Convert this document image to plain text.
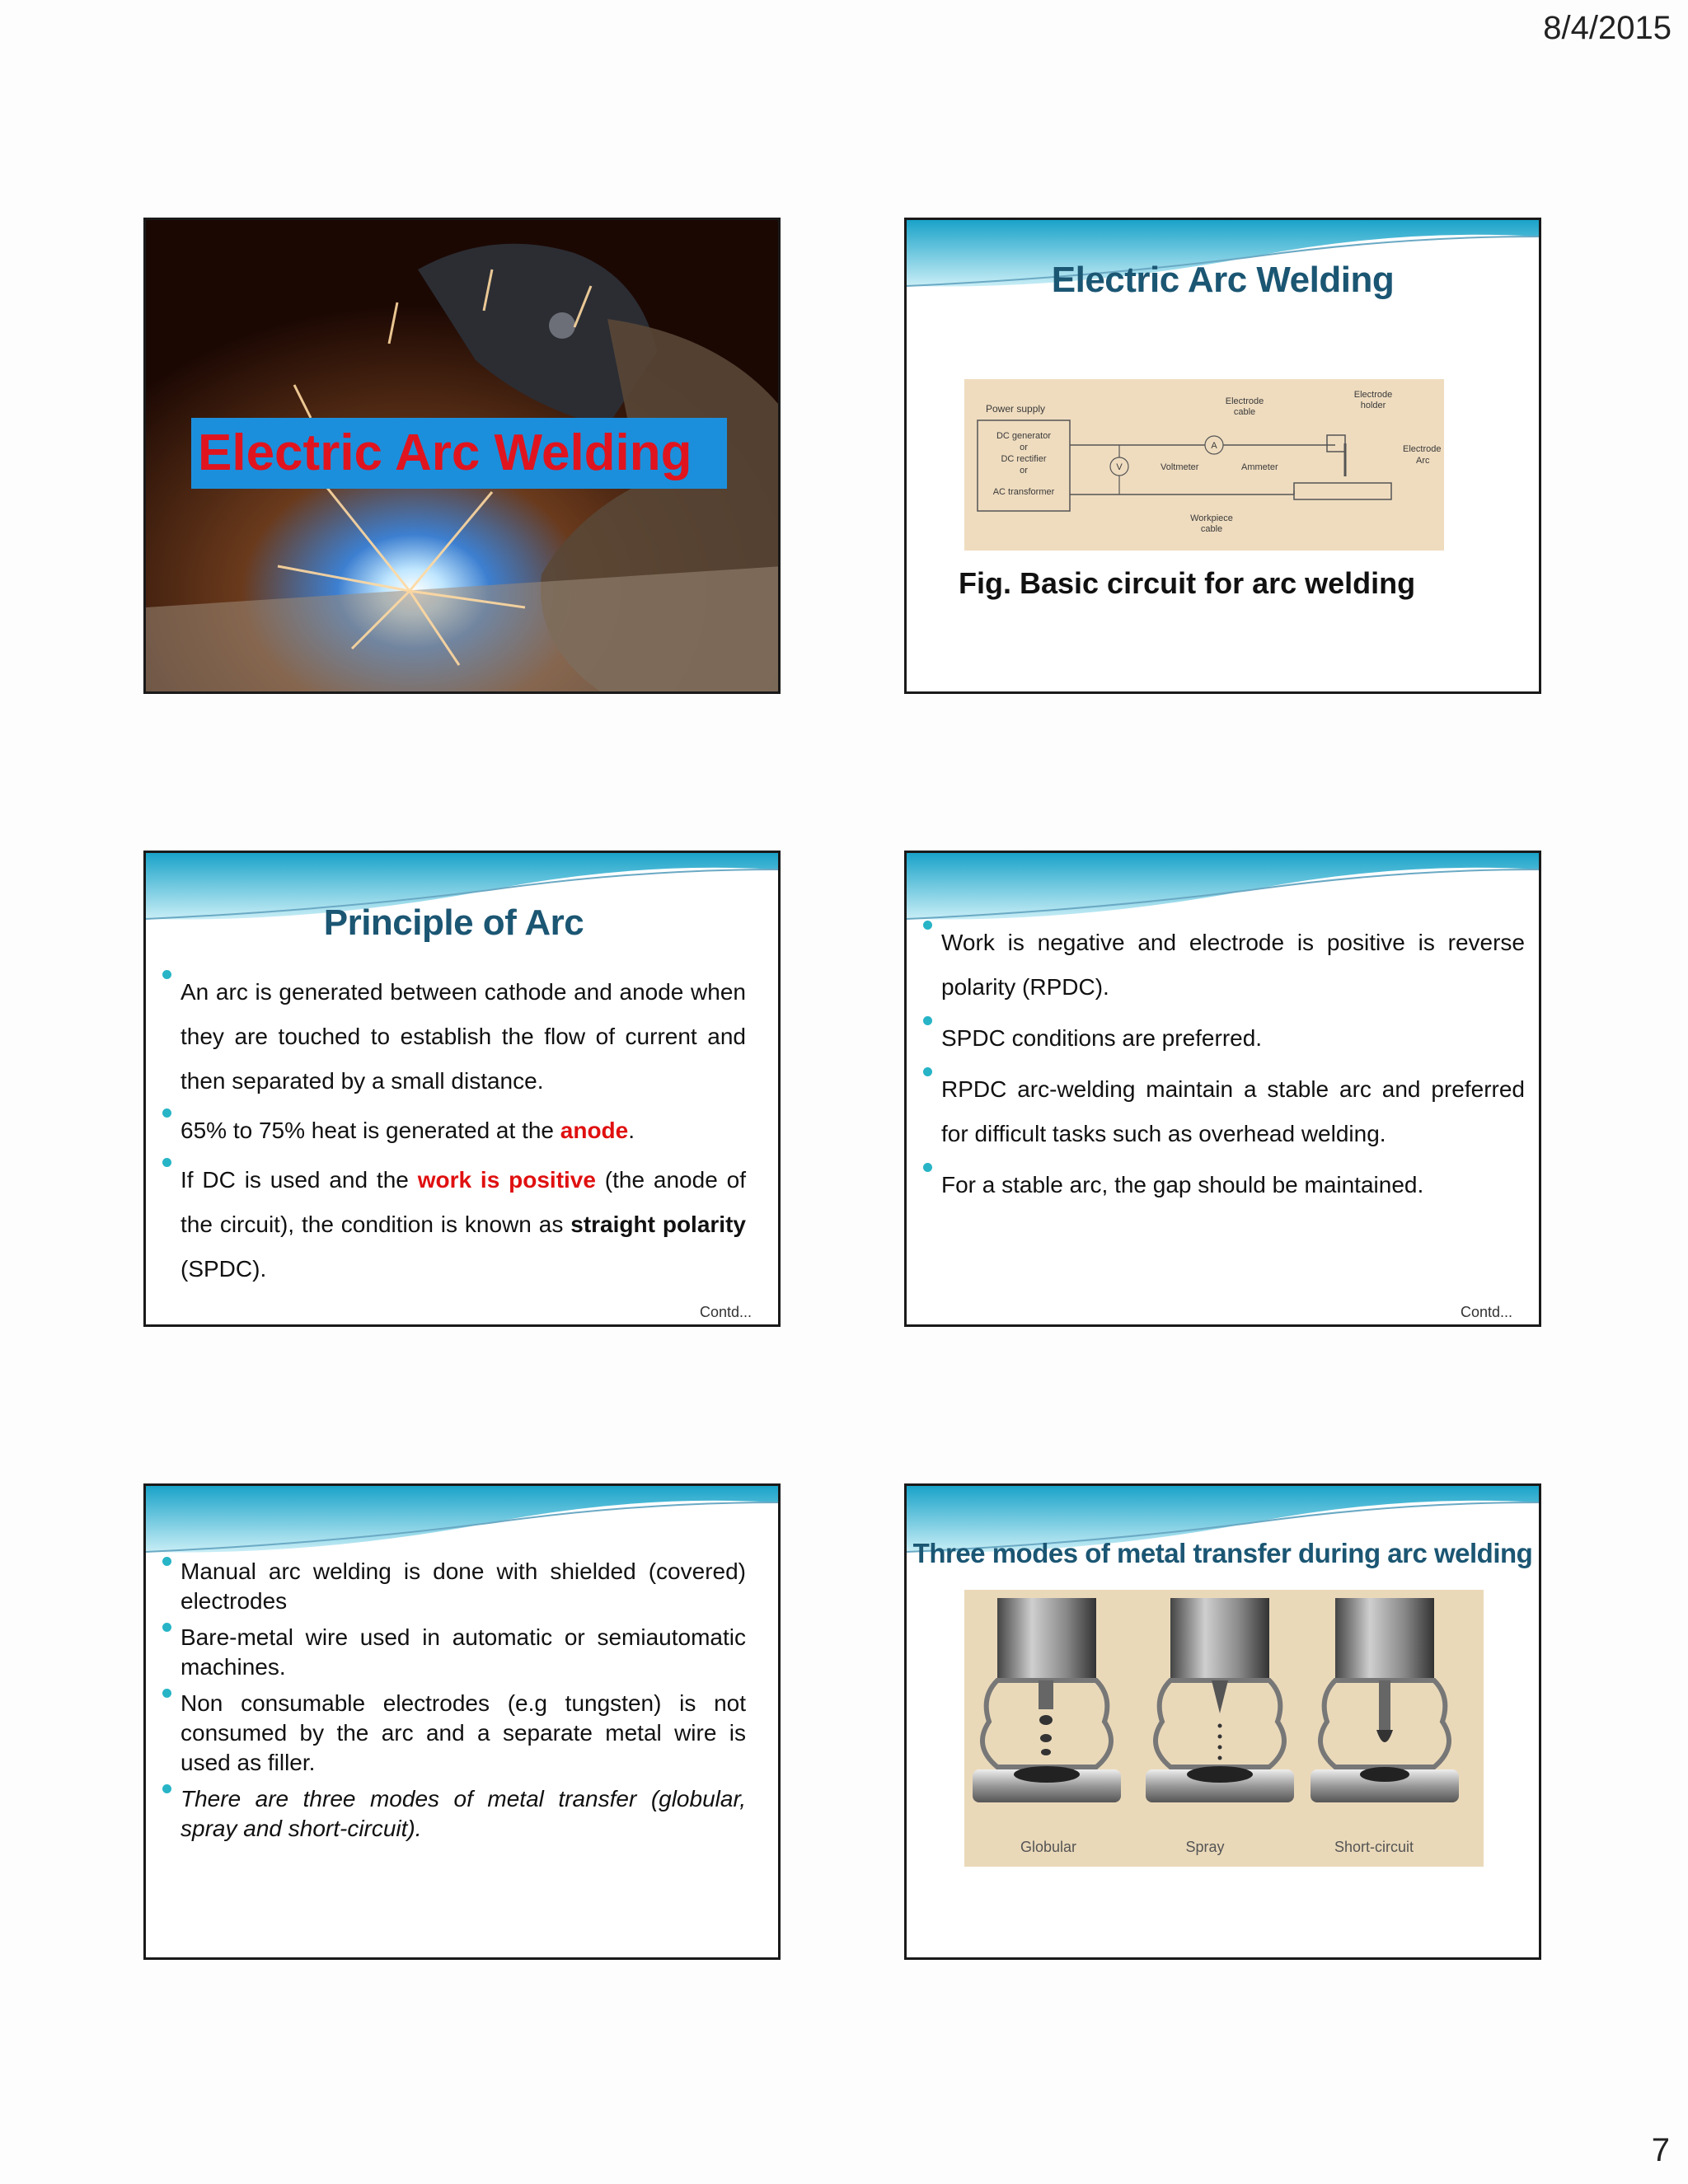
8/4/2015
Electric Arc Welding
Electric Arc Welding
Power supply
DC generator
or
DC rectifier
or
AC transformer
V	Voltmeter
A
Ammeter
Electrode
cable
Electrode
holder
Electrode
Arc
Workpiece
cable
Fig. Basic circuit for arc welding
Principle of Arc
An arc is generated between cathode and anode when they are touched to establish the flow of current and then separated by a small distance.
65% to 75% heat is generated at the anode.
If DC is used and the work is positive (the anode of the circuit), the condition is known as straight polarity (SPDC).
Contd...
Work is negative and electrode is positive is reverse polarity (RPDC).
SPDC conditions are preferred.
RPDC arc-welding maintain a stable arc and preferred for difficult tasks such as overhead welding.
For a stable arc, the gap should be maintained.
Contd...
Manual arc welding is done with shielded (covered) electrodes
Bare-metal wire used in automatic or semiautomatic machines.
Non consumable electrodes (e.g tungsten) is not consumed by the arc and a separate metal wire is used as filler.
There are three modes of metal transfer (globular, spray and short-circuit).
Three modes of metal transfer during arc welding
Globular	Spray	Short-circuit
7
